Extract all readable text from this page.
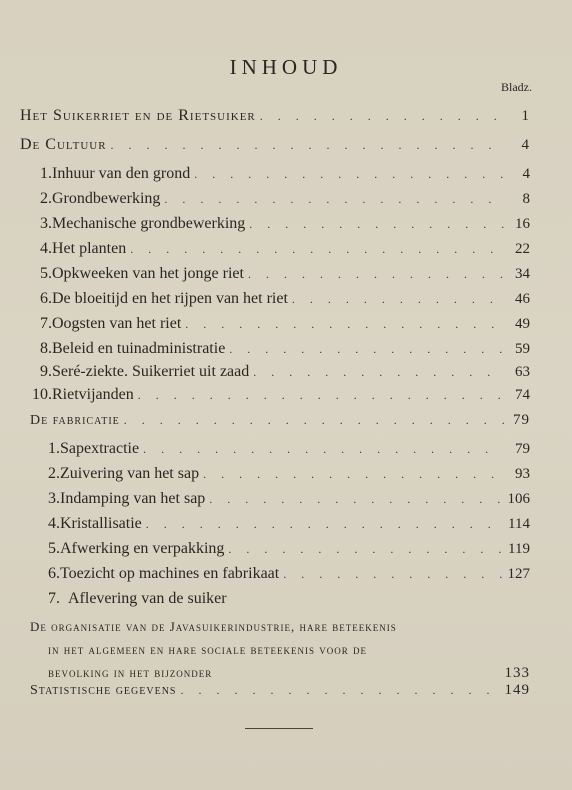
INHOUD
Bladz.
Het Suikerriet en de Rietsuiker . . .	1
De Cultuur . . .	4
1. Inhuur van den grond . . .	4
2. Grondbewerking . . .	8
3. Mechanische grondbewerking . . .	16
4. Het planten . . .	22
5. Opkweeken van het jonge riet . . .	34
6. De bloeitijd en het rijpen van het riet . . .	46
7. Oogsten van het riet . . .	49
8. Beleid en tuinadministratie . . .	59
9. Seré-ziekte. Suikerriet uit zaad . . .	63
10. Rietvijanden . . .	74
De fabricatie . . .	79
1. Sapextractie . . .	79
2. Zuivering van het sap . . .	93
3. Indamping van het sap . . .	106
4. Kristallisatie . . .	114
5. Afwerking en verpakking . . .	119
6. Toezicht op machines en fabrikaat . . .	127
7. Aflevering van de suiker
De organisatie van de Javasuikerindustrie, hare beteekenis
in het algemeen en hare sociale beteekenis voor de
bevolking in het bijzonder	133
Statistische gegevens . . .	149
